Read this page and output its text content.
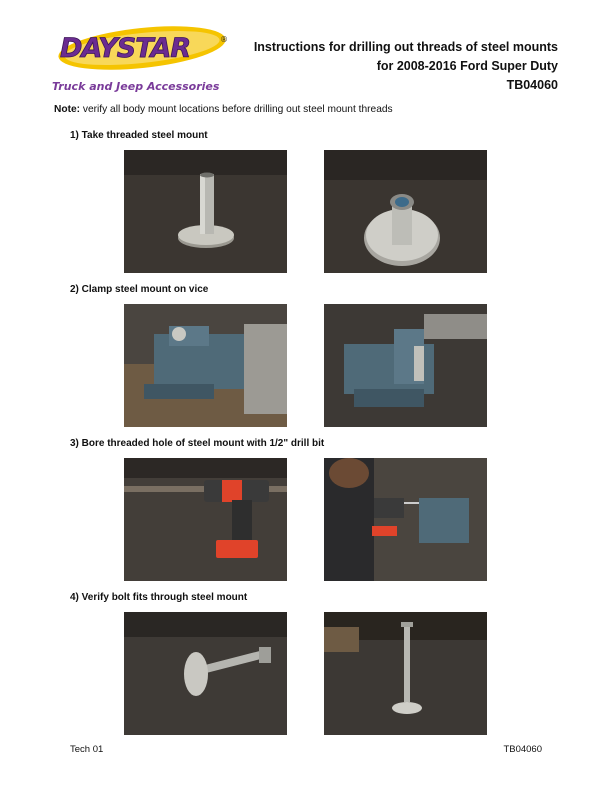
DAYSTAR	®
Truck and Jeep Accessories
Instructions for drilling out threads of steel mounts
for 2008-2016 Ford Super Duty
TB04060
Note: verify all body mount locations before drilling out steel mount threads
1) Take threaded steel mount
2) Clamp steel mount on vice
3) Bore threaded hole of steel mount with 1/2" drill bit
4) Verify bolt fits through steel mount
Tech 01	TB04060
